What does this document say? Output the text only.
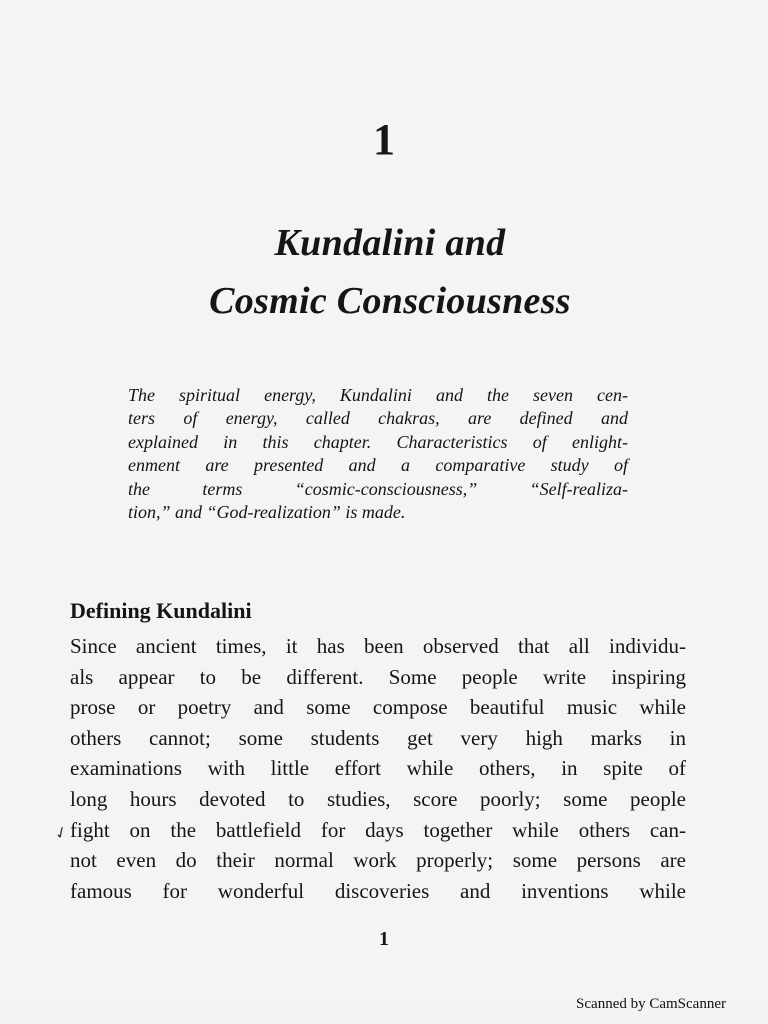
1
Kundalini and
Cosmic Consciousness
The spiritual energy, Kundalini and the seven cen-
ters of energy, called chakras, are defined and
explained in this chapter. Characteristics of enlight-
enment are presented and a comparative study of
the terms “cosmic-consciousness,” “Self-realiza-
tion,” and “God-realization” is made.
Defining Kundalini
Since ancient times, it has been observed that all individu-
als appear to be different. Some people write inspiring
prose or poetry and some compose beautiful music while
others cannot; some students get very high marks in
examinations with little effort while others, in spite of
long hours devoted to studies, score poorly; some people
fight on the battlefield for days together while others can-
not even do their normal work properly; some persons are
famous for wonderful discoveries and inventions while
✓
1
Scanned by CamScanner
